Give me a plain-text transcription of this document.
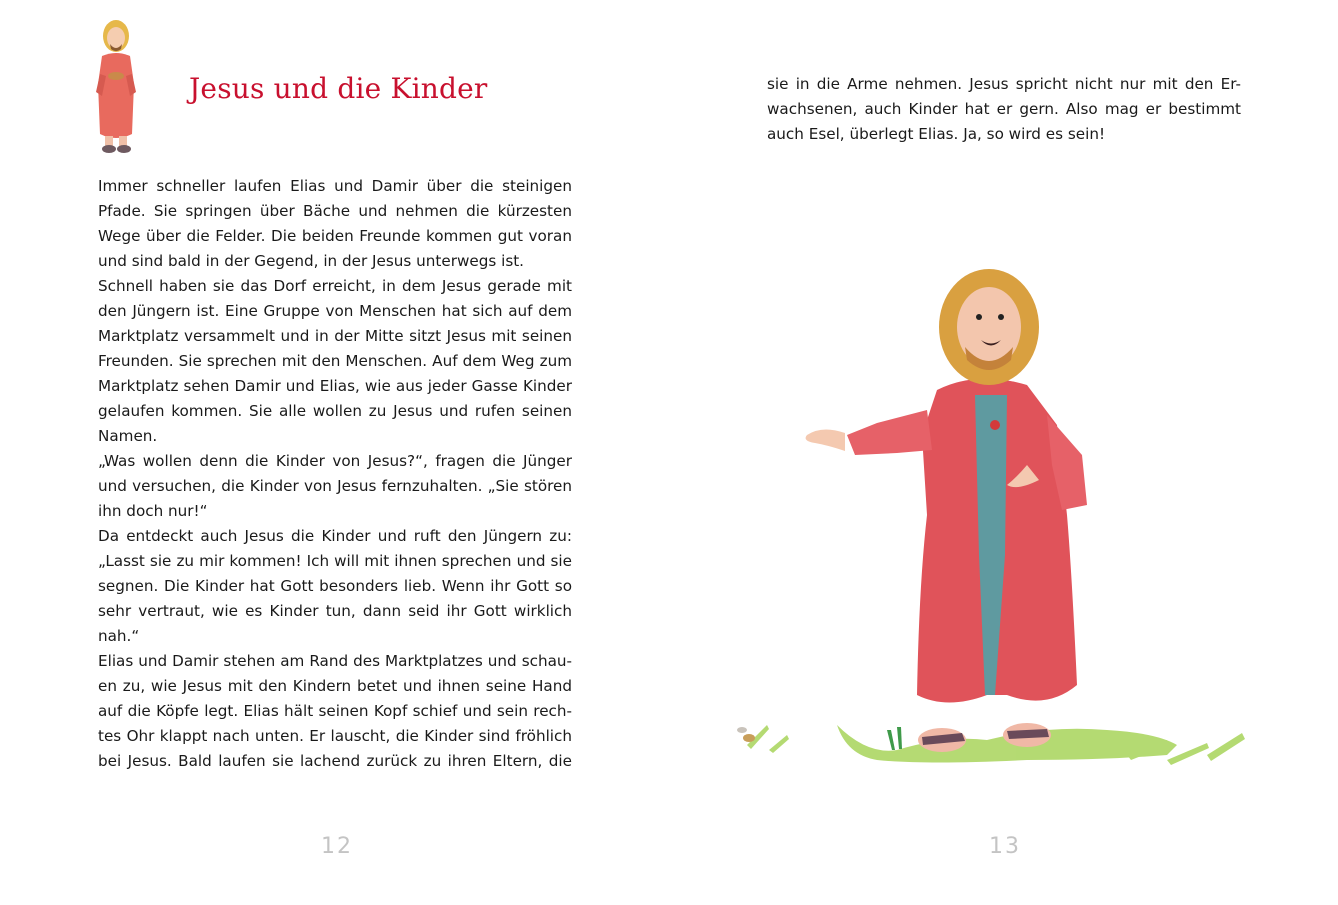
Jesus und die Kinder
Immer schneller laufen Elias und Damir über die steinigen
Pfade. Sie springen über Bäche und nehmen die kürzesten
Wege über die Felder. Die beiden Freunde kommen gut voran
und sind bald in der Gegend, in der Jesus unterwegs ist.
Schnell haben sie das Dorf erreicht, in dem Jesus gerade mit
den Jüngern ist. Eine Gruppe von Menschen hat sich auf dem
Marktplatz versammelt und in der Mitte sitzt Jesus mit seinen
Freunden. Sie sprechen mit den Menschen. Auf dem Weg zum
Marktplatz sehen Damir und Elias, wie aus jeder Gasse Kinder
gelaufen kommen. Sie alle wollen zu Jesus und rufen seinen
Namen.
„Was wollen denn die Kinder von Jesus?“, fragen die Jünger
und versuchen, die Kinder von Jesus fernzuhalten. „Sie stören
ihn doch nur!“
Da entdeckt auch Jesus die Kinder und ruft den Jüngern zu:
„Lasst sie zu mir kommen! Ich will mit ihnen sprechen und sie
segnen. Die Kinder hat Gott besonders lieb. Wenn ihr Gott so
sehr vertraut, wie es Kinder tun, dann seid ihr Gott wirklich
nah.“
Elias und Damir stehen am Rand des Marktplatzes und schau-
en zu, wie Jesus mit den Kindern betet und ihnen seine Hand
auf die Köpfe legt. Elias hält seinen Kopf schief und sein rech-
tes Ohr klappt nach unten. Er lauscht, die Kinder sind fröhlich
bei Jesus. Bald laufen sie lachend zurück zu ihren Eltern, die
12
sie in die Arme nehmen. Jesus spricht nicht nur mit den Er-
wachsenen, auch Kinder hat er gern. Also mag er bestimmt
auch Esel, überlegt Elias. Ja, so wird es sein!
13
